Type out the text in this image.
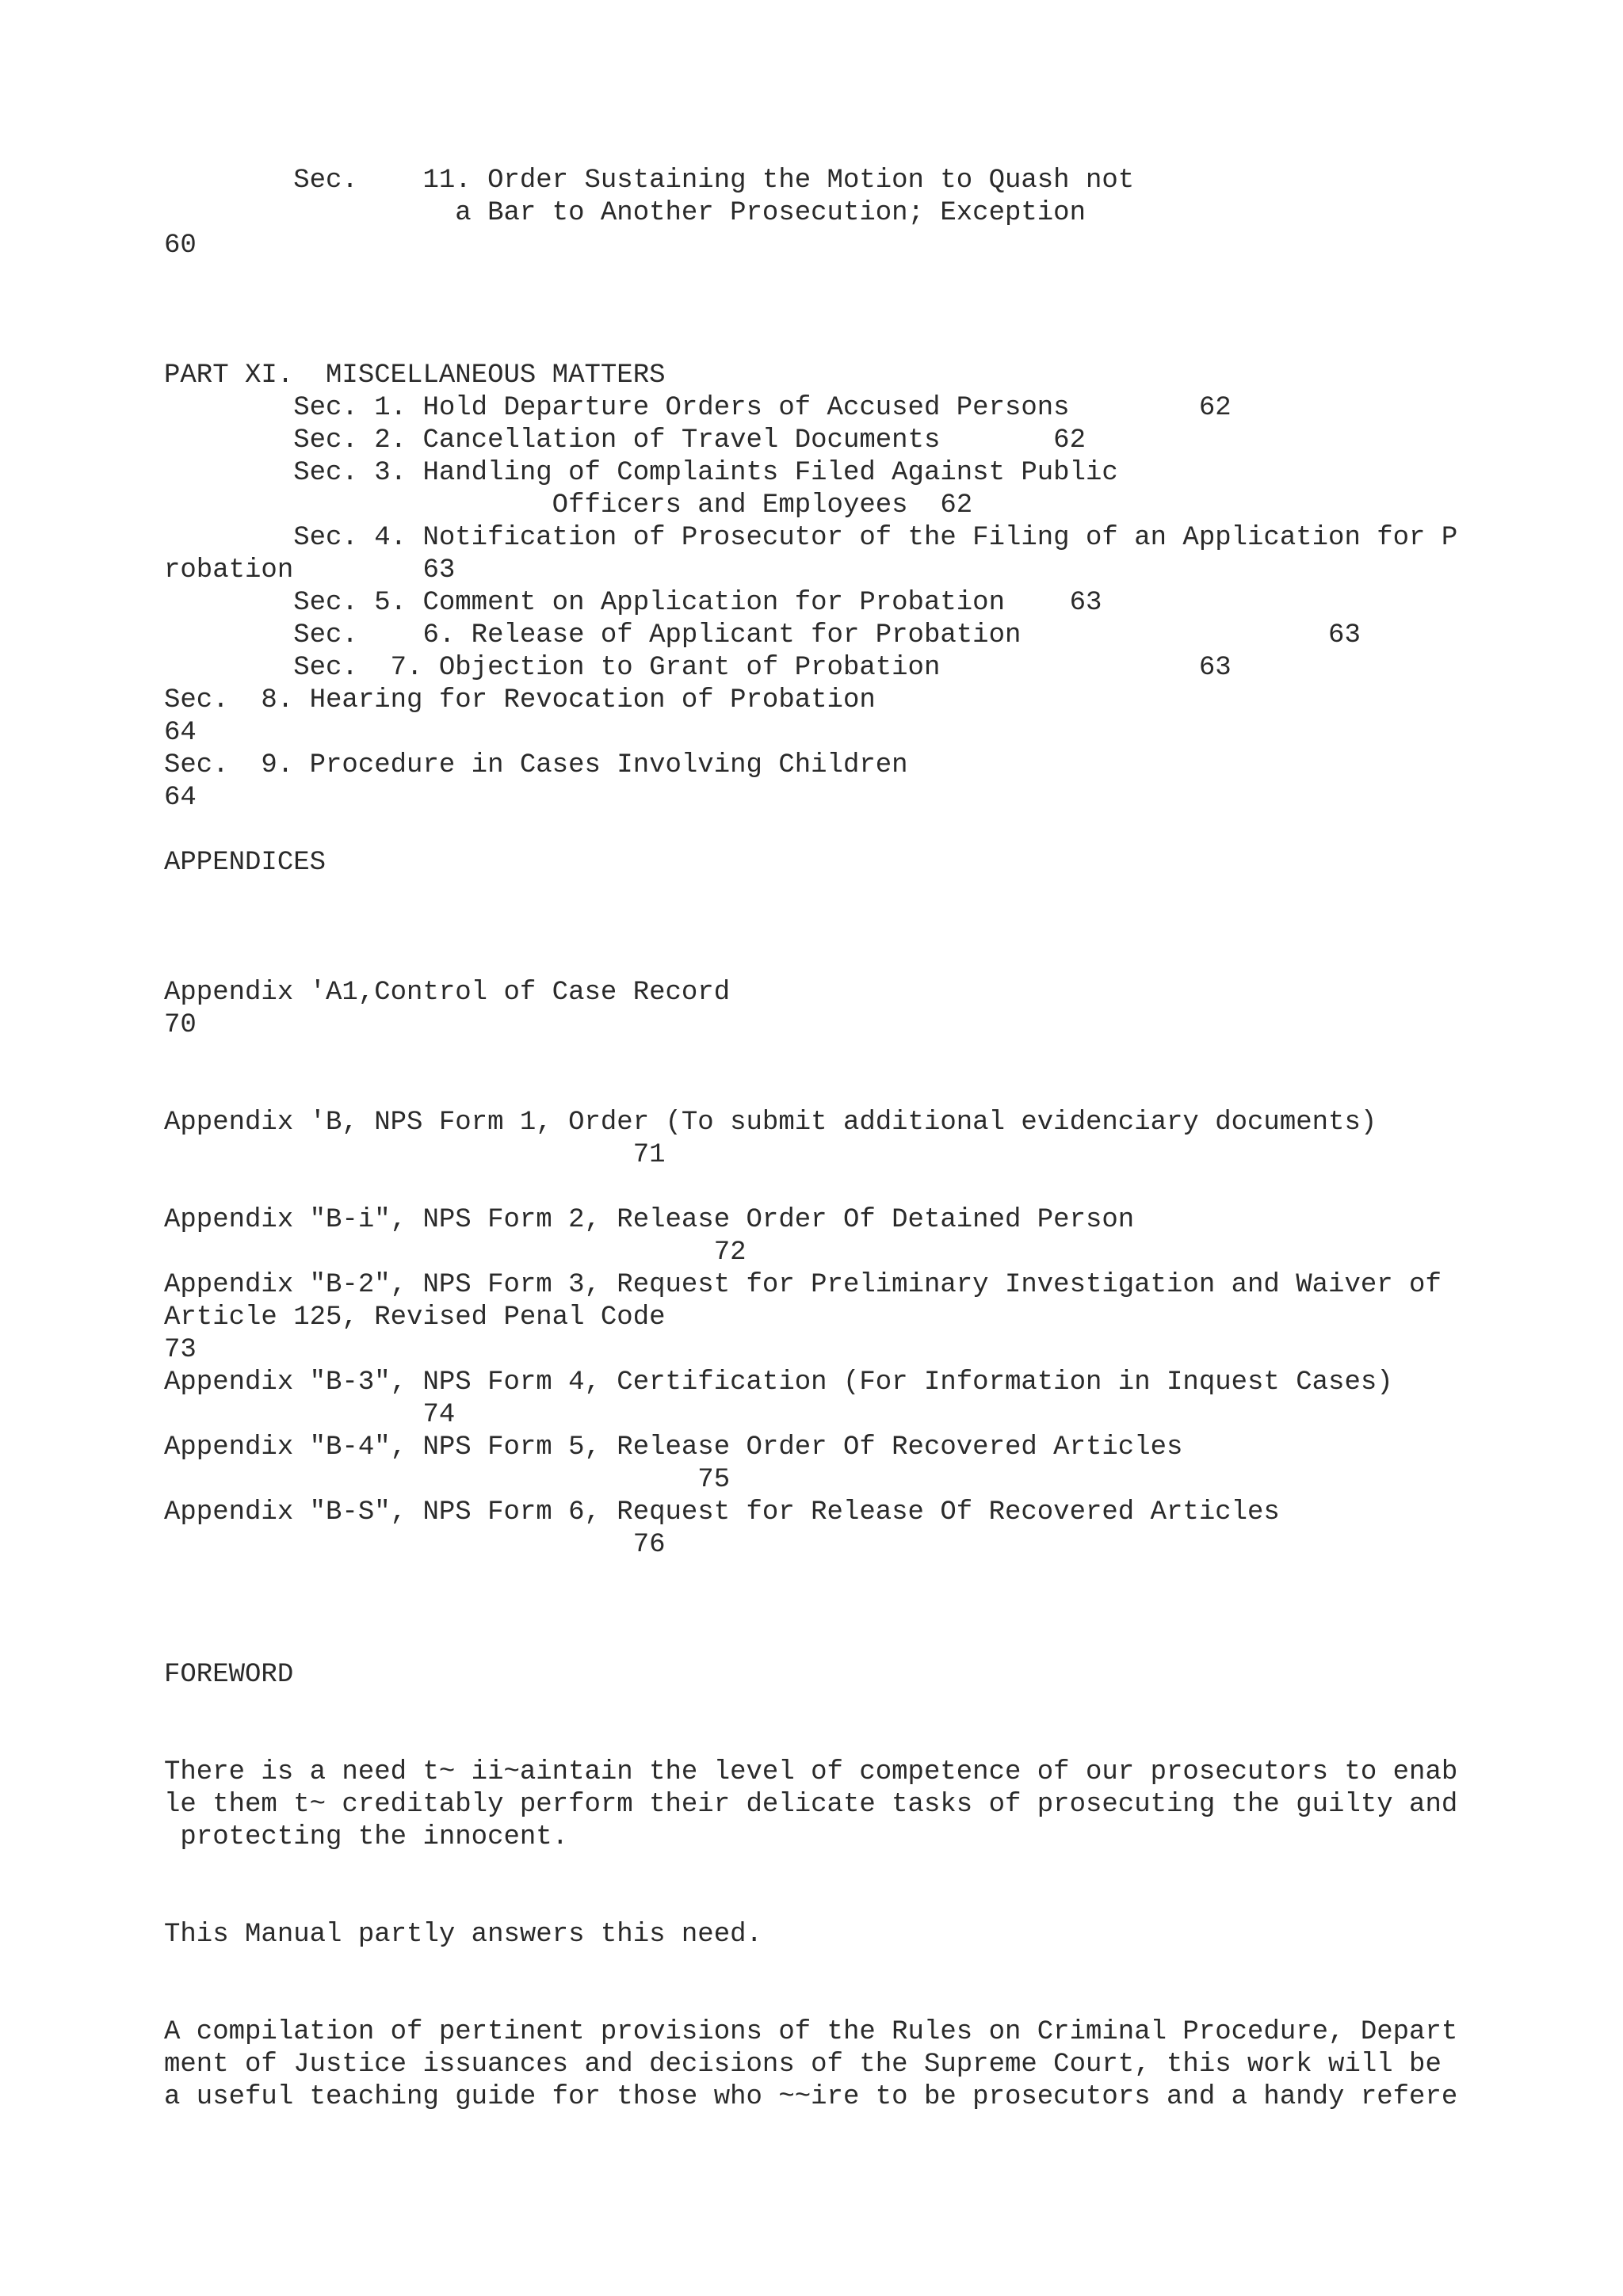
Sec.    11. Order Sustaining the Motion to Quash not
a Bar to Another Prosecution; Exception
60
PART XI.  MISCELLANEOUS MATTERS
Sec. 1. Hold Departure Orders of Accused Persons        62
Sec. 2. Cancellation of Travel Documents       62
Sec. 3. Handling of Complaints Filed Against Public
Officers and Employees  62
Sec. 4. Notification of Prosecutor of the Filing of an Application for P
robation        63
Sec. 5. Comment on Application for Probation    63
Sec.    6. Release of Applicant for Probation                   63
Sec.  7. Objection to Grant of Probation                63
Sec.  8. Hearing for Revocation of Probation
64
Sec.  9. Procedure in Cases Involving Children
64
APPENDICES
Appendix 'A1,Control of Case Record
70
Appendix 'B, NPS Form 1, Order (To submit additional evidenciary documents)
71
Appendix "B-i", NPS Form 2, Release Order Of Detained Person
72
Appendix "B-2", NPS Form 3, Request for Preliminary Investigation and Waiver of
Article 125, Revised Penal Code
73
Appendix "B-3", NPS Form 4, Certification (For Information in Inquest Cases)
74
Appendix "B-4", NPS Form 5, Release Order Of Recovered Articles
75
Appendix "B-S", NPS Form 6, Request for Release Of Recovered Articles
76
FOREWORD
There is a need t~ ii~aintain the level of competence of our prosecutors to enab
le them t~ creditably perform their delicate tasks of prosecuting the guilty and
protecting the innocent.
This Manual partly answers this need.
A compilation of pertinent provisions of the Rules on Criminal Procedure, Depart
ment of Justice issuances and decisions of the Supreme Court, this work will be
a useful teaching guide for those who ~~ire to be prosecutors and a handy refere
